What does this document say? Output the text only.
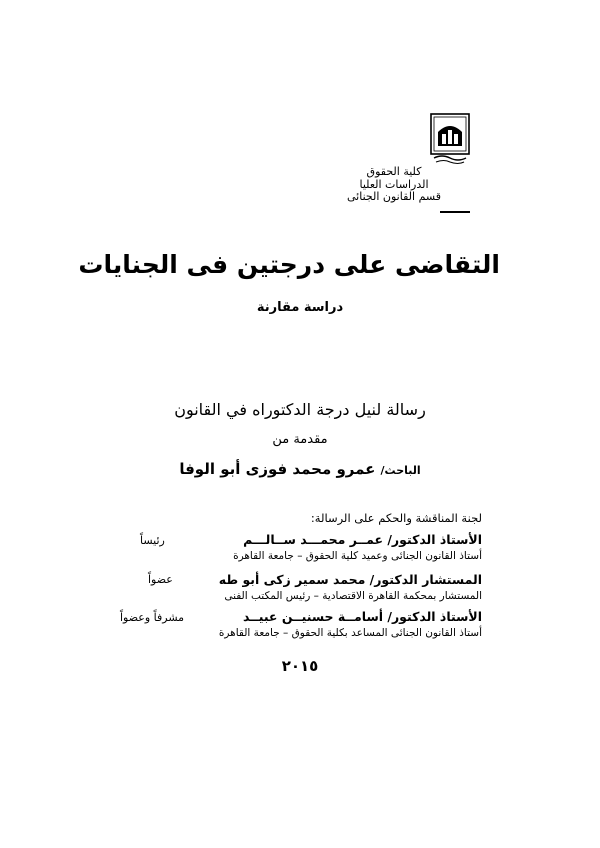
كلية الحقوق
الدراسات العليا
قسم القانون الجنائى
التقاضى على درجتين فى الجنايات
دراسة مقارنة
رسالة لنيل درجة الدكتوراه في القانون
مقدمة من
الباحث/ عمرو محمد فوزى أبو الوفا
لجنة المناقشة والحكم على الرسالة:
الأستاذ الدكتور/ عمــر محمـــد ســالـــم
رئيساً
أستاذ القانون الجنائى وعميد كلية الحقوق – جامعة القاهرة
المستشار الدكتور/ محمد سمير زكى أبو طه
عضواً
المستشار بمحكمة القاهرة الاقتصادية – رئيس المكتب الفنى
الأستاذ الدكتور/ أسامــة حسنيــن عبيــد
مشرفاً وعضواً
أستاذ القانون الجنائى المساعد بكلية الحقوق – جامعة القاهرة
٢٠١٥
